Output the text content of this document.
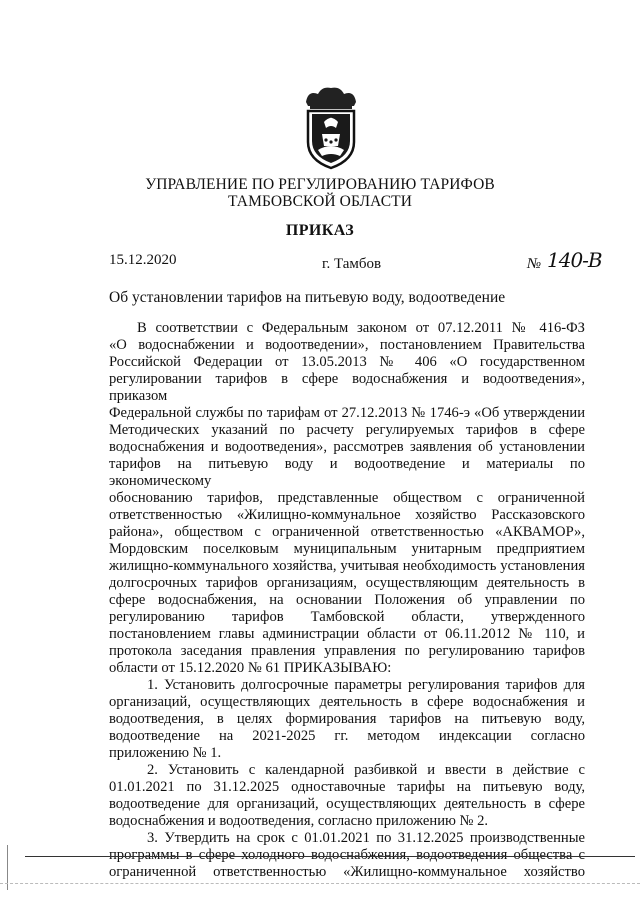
УПРАВЛЕНИЕ ПО РЕГУЛИРОВАНИЮ ТАРИФОВ
ТАМБОВСКОЙ ОБЛАСТИ
ПРИКАЗ
15.12.2020	г. Тамбов	№ 140-В
Об установлении тарифов на питьевую воду, водоотведение

В соответствии с Федеральным законом от 07.12.2011 № 416-ФЗ

«О водоснабжении и водоотведении», постановлением Правительства

Российской Федерации от 13.05.2013 № 406 «О государственном

регулировании тарифов в сфере водоснабжения и водоотведения», приказом

Федеральной службы по тарифам от 27.12.2013 № 1746-э «Об утверждении

Методических указаний по расчету регулируемых тарифов в сфере

водоснабжения и водоотведения», рассмотрев заявления об установлении

тарифов на питьевую воду и водоотведение и материалы по экономическому

обоснованию тарифов, представленные обществом с ограниченной

ответственностью «Жилищно-коммунальное хозяйство Рассказовского

района», обществом с ограниченной ответственностью «АКВАМОР»,

Мордовским поселковым муниципальным унитарным предприятием

жилищно-коммунального хозяйства, учитывая необходимость установления

долгосрочных тарифов организациям, осуществляющим деятельность в

сфере водоснабжения, на основании Положения об управлении по

регулированию тарифов Тамбовской области, утвержденного

постановлением главы администрации области от 06.11.2012 № 110, и

протокола заседания правления управления по регулированию тарифов

области от 15.12.2020 № 61 ПРИКАЗЫВАЮ:

1. Установить долгосрочные параметры регулирования тарифов для

организаций, осуществляющих деятельность в сфере водоснабжения и

водоотведения, в целях формирования тарифов на питьевую воду,

водоотведение на 2021-2025 гг. методом индексации согласно

приложению № 1.

2. Установить с календарной разбивкой и ввести в действие с

01.01.2021 по 31.12.2025 одноставочные тарифы на питьевую воду,

водоотведение для организаций, осуществляющих деятельность в сфере

водоснабжения и водоотведения, согласно приложению № 2.

3. Утвердить на срок с 01.01.2021 по 31.12.2025 производственные

программы в сфере холодного водоснабжения, водоотведения общества с

ограниченной ответственностью «Жилищно-коммунальное хозяйство
